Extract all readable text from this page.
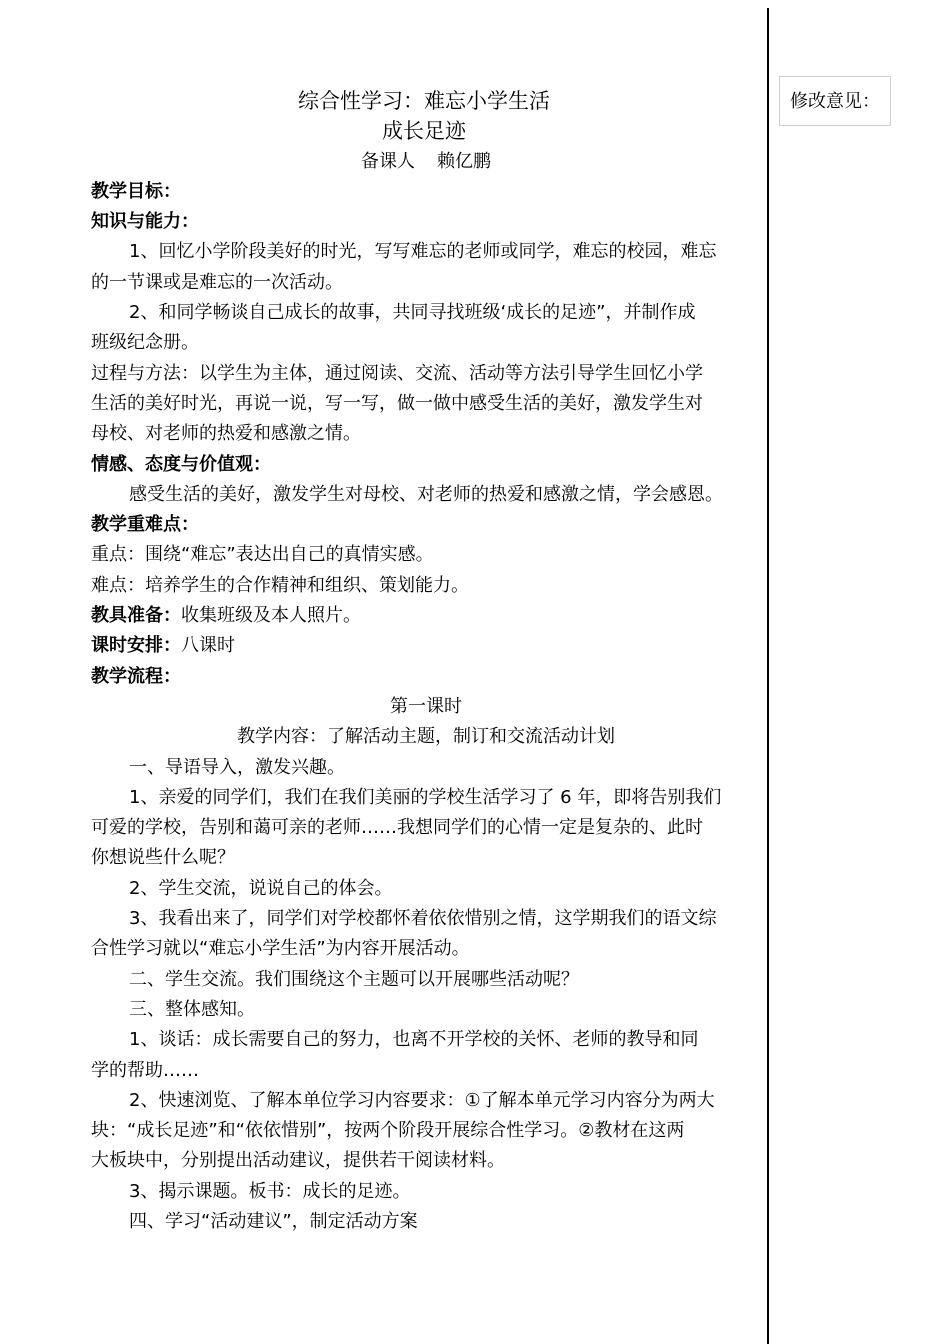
修改意见：
综合性学习：难忘小学生活
成长足迹
备课人 赖亿鹏
教学目标：
知识与能力：
1、回忆小学阶段美好的时光，写写难忘的老师或同学，难忘的校园，难忘
的一节课或是难忘的一次活动。
2、和同学畅谈自己成长的故事，共同寻找班级‘成长的足迹”，并制作成
班级纪念册。
过程与方法：以学生为主体，通过阅读、交流、活动等方法引导学生回忆小学
生活的美好时光，再说一说，写一写，做一做中感受生活的美好，激发学生对
母校、对老师的热爱和感激之情。
情感、态度与价值观：
感受生活的美好，激发学生对母校、对老师的热爱和感激之情，学会感恩。
教学重难点：
重点：围绕“难忘”表达出自己的真情实感。
难点：培养学生的合作精神和组织、策划能力。
教具准备：收集班级及本人照片。
课时安排：八课时
教学流程：
第一课时
教学内容：了解活动主题，制订和交流活动计划
一、导语导入，激发兴趣。
1、亲爱的同学们，我们在我们美丽的学校生活学习了 6 年，即将告别我们
可爱的学校，告别和蔼可亲的老师……我想同学们的心情一定是复杂的、此时
你想说些什么呢？
2、学生交流，说说自己的体会。
3、我看出来了，同学们对学校都怀着依依惜别之情，这学期我们的语文综
合性学习就以“难忘小学生活”为内容开展活动。
二、学生交流。我们围绕这个主题可以开展哪些活动呢？
三、整体感知。
1、谈话：成长需要自己的努力，也离不开学校的关怀、老师的教导和同
学的帮助……
2、快速浏览、了解本单位学习内容要求：①了解本单元学习内容分为两大
块：“成长足迹”和“依依惜别”，按两个阶段开展综合性学习。②教材在这两
大板块中，分别提出活动建议，提供若干阅读材料。
3、揭示课题。板书：成长的足迹。
四、学习“活动建议”，制定活动方案
